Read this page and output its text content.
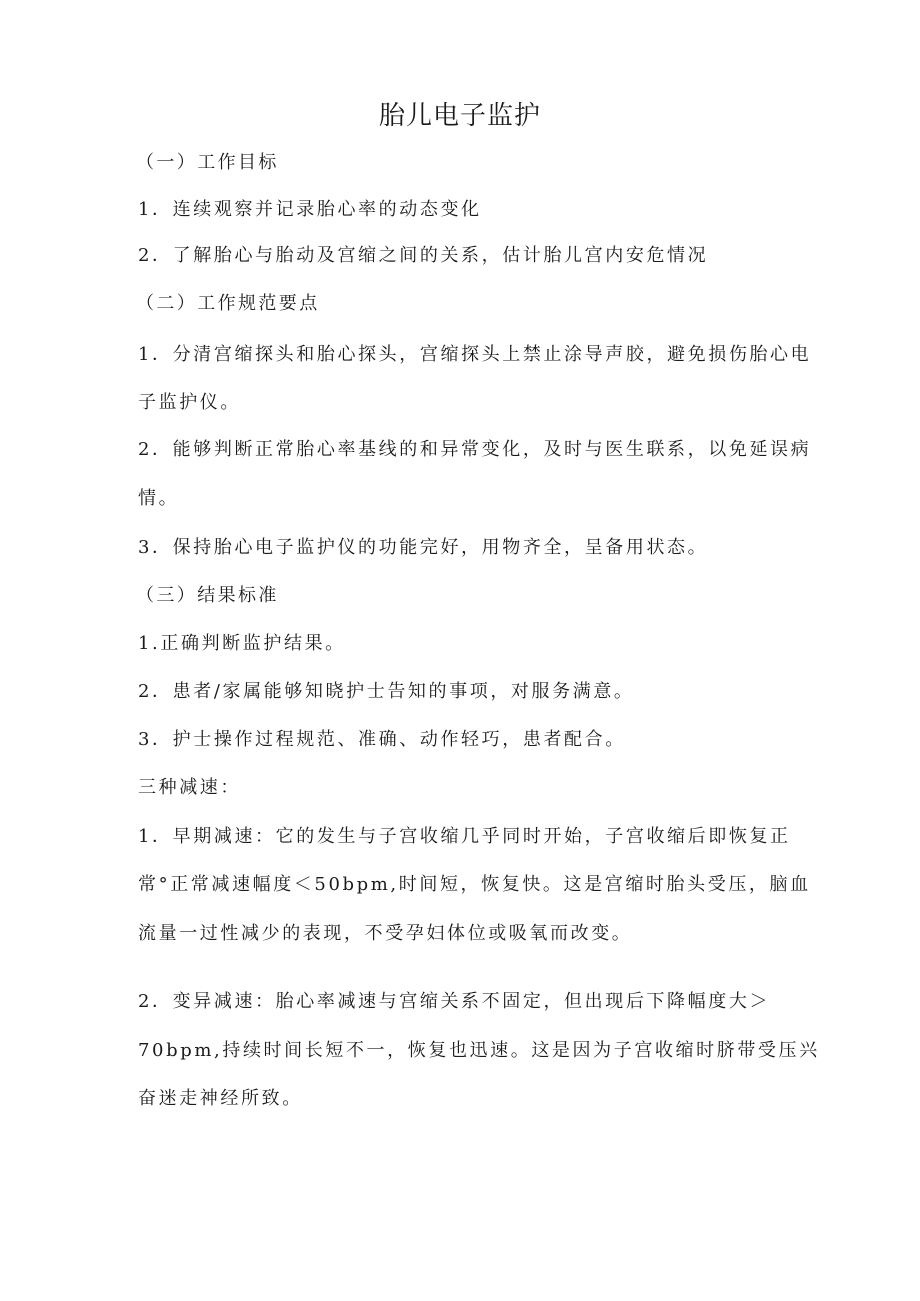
胎儿电子监护
（一）工作目标
1．连续观察并记录胎心率的动态变化
2．了解胎心与胎动及宫缩之间的关系，估计胎儿宫内安危情况
（二）工作规范要点
1．分清宫缩探头和胎心探头，宫缩探头上禁止涂导声胶，避免损伤胎心电
子监护仪。
2．能够判断正常胎心率基线的和异常变化，及时与医生联系，以免延误病
情。
3．保持胎心电子监护仪的功能完好，用物齐全，呈备用状态。
（三）结果标准
1.正确判断监护结果。
2．患者/家属能够知晓护士告知的事项，对服务满意。
3．护士操作过程规范、准确、动作轻巧，患者配合。
三种减速：
1．早期减速：它的发生与子宫收缩几乎同时开始，子宫收缩后即恢复正
常°正常减速幅度＜50bpm,时间短，恢复快。这是宫缩时胎头受压，脑血
流量一过性减少的表现，不受孕妇体位或吸氧而改变。
2．变异减速：胎心率减速与宫缩关系不固定，但出现后下降幅度大＞
70bpm,持续时间长短不一，恢复也迅速。这是因为子宫收缩时脐带受压兴
奋迷走神经所致。
